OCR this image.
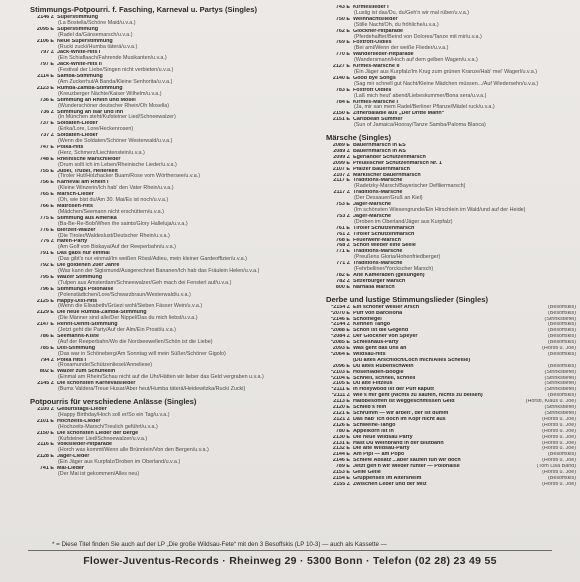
Stimmungs-Potpourri. f. Fasching, Karneval u. Partys (Singles)
2146 Z Superstimmung
(La Bostella/Schöne Maid/u.v.a.)
2095 E Superstimmung
(Radel da/Gänsemarsch/u.v.a.)
2106 E Neue Superstimmung
(Rucki zucki/Humba täterä/u.v.a.)
797 Z Jack-White-Hits I
(Ein Schiaflaach/Fahrende Musikanten/u.v.a.)
797 E Jack-White-Hits II
(Festival der Liebe/Singen nicht verbieten/u.v.a.)
2114 E Samba-Stimmung
(Am Zuckerhut/A Banda/Kleine Senhorita/u.v.a.)
2123 E Rumba-Zamba-Stimmung
(Kreuzberger Nächte/Kaiser Wilhelm/u.v.a.)
736 E Stimmung an Rhein und Mosel
(Wunderschöner deutscher Rhein/Oh Mosella)
736 Z Stimmung an Isar und Inn
(In München steht/Kufsteiner Lied/Schneewalzer)
737 E Soldaten-Lieder
(Erika/Lore, Lore/Heckenrosen)
737 Z Soldaten-Lieder
(Wenn die Soldaten/Schöner Westerwald/u.v.a.)
747 E Polka-Hits
(Herz, Schmerz/Liechtenstein/u.v.a.)
748 E Rheinische Marschlieder
(Drum sollt ich im Leben/Rheinische Lieder/u.v.a.)
755 E Jubel, Trubel, Heiterkeit
(Tiroler Hut/Holzhacker Buam/Rose vom Wörthersee/u.v.a.)
756 E Karneval am Rhein I
(Kleine Winzerin/Ich hab' den Vater Rhein/u.v.a.)
765 E Marsch-Lieder
(Oh, wie bist du/Am 30. Mai/Es ist noch/u.v.a.)
766 E Matrosen-Hits
(Mädchen/Seemann nicht erschüttern/u.v.a.)
775 E Stimmung aus Amerika
(Ba-Be-Re-Bob/When the saints/Glory Halleluja/u.v.a.)
776 E Bierzelt-Walzer
(Die Tiroler/Waldeslust/Deutscher Rhein/u.v.a.)
776 Z Hafen-Party
(Am Golf von Biskaya/Auf der Reeperbahn/u.v.a.)
791 E Das gabs nur einmal
(Das gibt's nur einmal/Im weißen Rössl/Adieu, mein kleiner Gardeoffizier/u.v.a.)
792 E Die goldenen 20er Jahre
(Was kann der Sigismund/Ausgerechnet Bananen/Ich hab das Fräulein Helen/u.v.a.)
795 E Walzer Stimmung
(Tulpen aus Amsterdam/Schneewalzer/Geh mach dei Fensterl auf/u.v.a.)
796 E Stimmungs Polonaise
(Polenstädtchen/Lore/Schwarzbraun/Westerwald/u.v.a.)
2125 E Happy-Dixi-Hits
(Wenn die Elisabeth/Grüezi wohl/Sieben Fässer Wein/u.v.a.)
2129 E Die neue Rumba-Zamba-Stimmung
(Die Männer sind alle/Der Nippel/Das du mich liebst/u.v.a.)
2147 E Rennt-Dennt-Stimmung
(Jetzt geht die Party/Auf der Alm/Ein Prosit/u.v.a.)
786 E Seemanns-Kiste
(Auf der Reeperbahn/Wo die Nordseewellen/Schön ist die Liebe)
785 E Dixi-Stimmung
(Das war in Schöneberg/Am Sonntag will mein Süßer/Schöner Gigolo)
794 Z Polka Hits I
(Rosamunde/Schützenliesel/Anneliese)
802 E Walzer zum Schunkeln
(Einmal am Rhein/Schau nicht auf die Uhr/Hätten wir lieber das Geld vergraben u.v.a.)
2145 Z Die schönsten Karnevalslieder
(Bums Valdera/Treue Husar/Aber heut/Humba täterä/Heidewitzka/Rucki Zucki)
Potpourris für verschiedene Anlässe (Singles)
2100 Z Geburtstags-Lieder
(Happy Birthday/Hoch soll er/So ein Tag/u.v.a.)
2101 E Hochzeits-Lieder
(Hochzeits-Marsch/Treulich geführt/u.v.a.)
2150 E Die schönsten Lieder der Berge
(Kufsteiner Lied/Schneewalzer/u.v.a.)
2116 E Volkslieder-Hitparade
(Horch was kommt/Wenn alle Brünnlein/Von den Bergen/u.v.a.)
2128 E Jäger-Lieder
(Ein Jäger aus Kurpfalz/Droben im Oberland/u.v.a.)
741 E Mai-Lieder
(Der Mai ist gekommen/Alles neu)
743 E Kirmeslieder I
(Lustig ist das/Du, du/Geh'n wir mal rüber/u.v.a.)
750 E Weihnachtslieder
(Stille Nacht/Oh, du fröhliche/u.v.a.)
762 E Glöckner-Hitparade
(Pferdehalfter/Beind von Dolores/Tanze mit mir/u.v.a.)
769 E Foxtrott-Oldies
(Bei ami/Wenn der weiße Flieder/u.v.a.)
770 E Wanderlieder-Hitparade
(Wandersmann/Hoch auf dem gelben Wagen/u.v.a.)
2127 E Kirmes-Märsche II
(Ein Jäger aus Kurpfalz/Im Krug zum grünen Kranze/Hab' mei' Wagerl/u.v.a.)
2140 E Good bye Songs
(Sag mir schnell gut Nacht/Kleine Mädchen müssen.../Auf Wiedersehn/u.v.a.)
783 E Foxtrott Oldies
(Laß mich heut' abend/Liebeskummer/Bona sera/u.v.a.)
784 E Kirmes-Märsche I
(Ja, mir san mem Radel/Berliner Pflanze/Mädel ruck/u.v.a.)
2150 E Zitherbaladie aus „Der Dritte Mann“
2151 E Caribbean Summer
(Sun of Jamaica/Hooray/Tanze Samba/Paloma Blanca)
Märsche (Singles)
2089 E Bauernmarsch in ES
2089 Z Bauernmarsch in AS
2099 Z Egerländer Schützenmarsch
2099 E Preußischer Schützenmarsch Nr. 1
2107 E Pfälzer Bauernmarsch
2107 Z Märkischer Bauernmarsch
2117 E Traditions-Märsche
(Radetzky-Marsch/Bayerischer Defiliermarsch)
2117 Z Traditions-Märsche
(Der Dessauer/Gruß an Kiel)
753 E Jäger-Märsche
(Im schönsten Wiesengrunde/Ein Hirschlein im Wald/und auf der Heide)
753 Z Jäger-Märsche
(Droben im Oberland/Jäger aus Kurpfalz)
761 E Tiroler Schützenmarsch
761 Z Tiroler Schützenmarsch
768 E Feuerwehr-Marsch
768 Z Schon wieder eine Seele
771 E Traditions-Märsche
(Preußens Gloria/Hohenfriedberger)
771 Z Traditions-Märsche
(Fehrbelliner/Yorckscher Marsch)
782 E Alte Kameraden (gesungen)
782 Z Sitzerburger Marsch
800 E Narhalla Marsch
Derbe und lustige Stimmungslieder (Singles)
*2154 Z Ein schöner weißer Arsch	(Besoffskis)
*2070 E Puff von Barcelona	(Besoffskis)
*2146 E Schoiflegel	(Strinkstiefel)
*2144 Z Kennen Tango	(Besoffskis)
*2088 E Schön ist die Gegend	(Besoffskis)
*2084 Z Der Glöckner von Speyer	(Besoffskis)
*2085 E Schießhaus-Party	(Besoffskis)
2093 E Was geht das uns an	(Horsti u. Joe)
*2064 E Wildsau-Hits	(Besoffskis)
(Du altes Arschloch/Loch mich/Alles Scheiße)
2096 E Du altes Rübenschwein	(Besoffskis)
*2103 E Hosenladen-Boogie	(Strinkstiefel)
*2104 E Schnell, schnell, schnell	(Strinkstiefel)
2105 E Du alte Flitzeus	(Strinkstiefel)
*2111 E In Hollywood ist der Puff kaputt	(Strinkstiefel)
*2111 Z Wie's mir geht (Nichts zu saufen, nichts zu beißen)	(Besoffskis)
2113 E Halbbesoffen ist weggeschmissen Geld	(Horsti, Klaus u. Joe)
2120 E Schieb's rein	(Strinkstiefel)
2121 E Schrumm — wir arbeit', der ist dumm	(Strinkstiefel)
2121 Z Das hab' ich doch im Kopf nicht aus	(Horsti u. Joe)
2126 E Schweine-Tango	(Horsti u. Joe)
780 E Appelkorn ist in	(Horsti u. Joe)
2130 E Die neue Wildsau Party	(Horsti u. Joe)
2131 E Hast Du Weinbrand in der Blutbahn	(Horsti u. Joe)
2132 E Die alte Wildsau-Party	(Horsti u. Joe)
2144 E Am Pipi — am Popo	(Besoffskis)
2146 E Schiefe Absätz'...aber saufen tun wir doch	(Horsti u. Joe)
789 E Jetzt geh'n wir wieder runter — Polonaise	(Tom Lisa Band)
2153 E Gelle Gelle	(Horsti u. Joe)
2154 E Gruppensex im Altersheim	(Besoffskis)
2155 Z Zwischen Leber und der Milz	(Horsti u. Joe)
* = Diese Titel finden Sie auch auf der LP „Die große Wildsau-Fete“ mit den 3 Besoffskis (LP 10-3) — auch als Kassette —
Flower-Juventus-Records · Rheinweg 29 · 5300 Bonn · Telefon (02 28) 23 49 55
